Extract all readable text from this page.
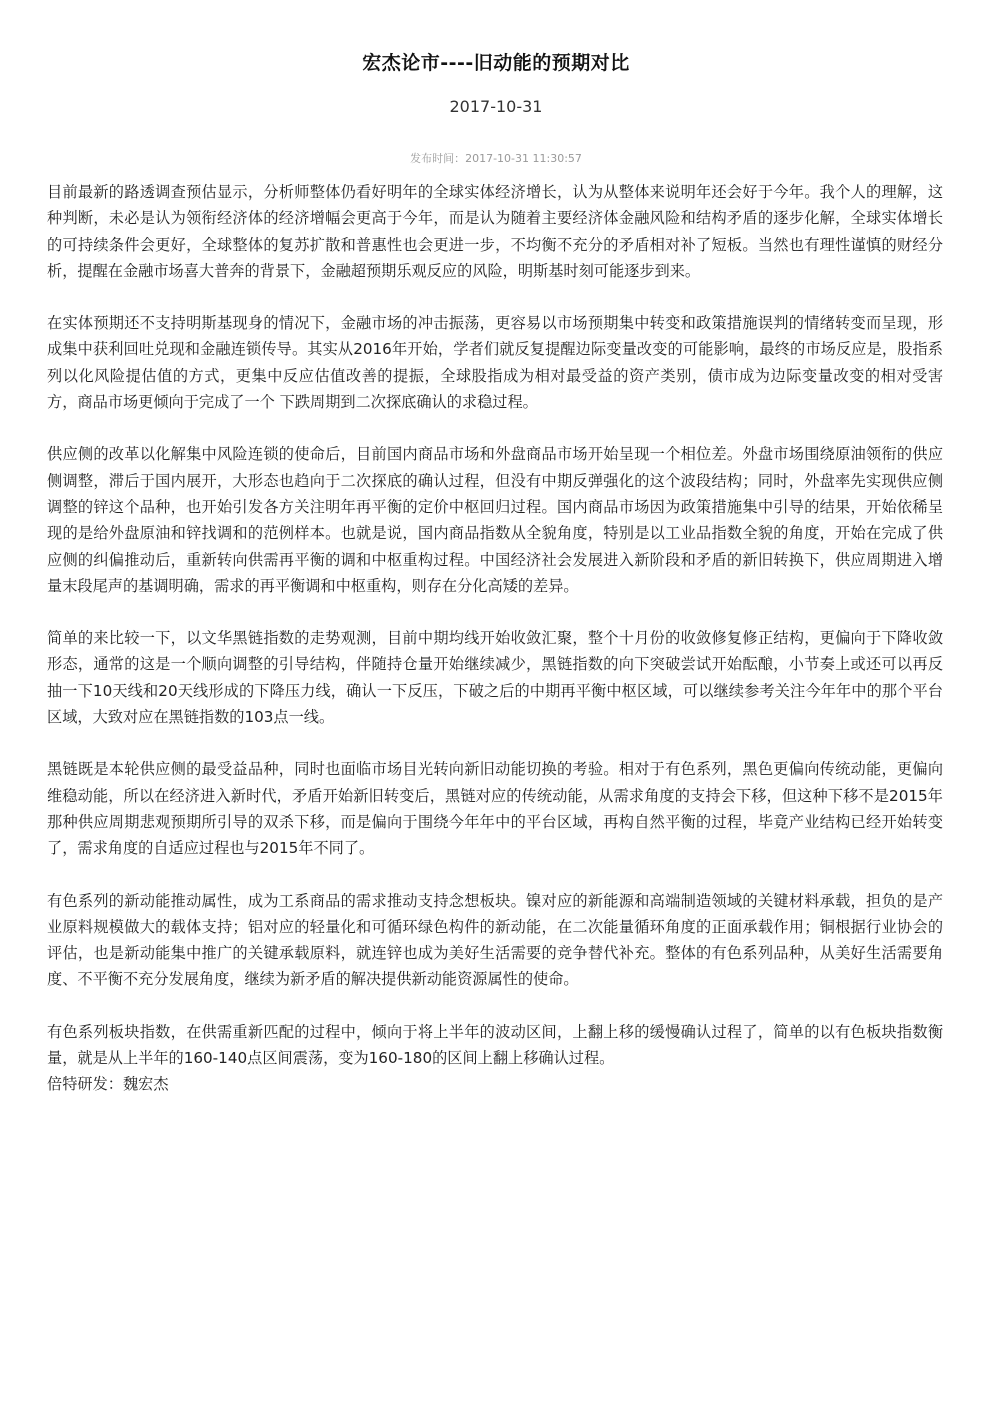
宏杰论市----旧动能的预期对比
2017-10-31
发布时间：2017-10-31 11:30:57

目前最新的路透调查预估显示，分析师整体仍看好明年的全球实体经济增长，认为从整体来说明年还会好于今年。我个人的理解，这种判断，未必是认为领衔经济体的经济增幅会更高于今年，而是认为随着主要经济体金融风险和结构矛盾的逐步化解，全球实体增长的可持续条件会更好，全球整体的复苏扩散和普惠性也会更进一步，不均衡不充分的矛盾相对补了短板。当然也有理性谨慎的财经分析，提醒在金融市场喜大普奔的背景下，金融超预期乐观反应的风险，明斯基时刻可能逐步到来。

在实体预期还不支持明斯基现身的情况下，金融市场的冲击振荡，更容易以市场预期集中转变和政策措施误判的情绪转变而呈现，形成集中获利回吐兑现和金融连锁传导。其实从2016年开始，学者们就反复提醒边际变量改变的可能影响，最终的市场反应是，股指系列以化风险提估值的方式，更集中反应估值改善的提振，全球股指成为相对最受益的资产类别，债市成为边际变量改变的相对受害方，商品市场更倾向于完成了一个 下跌周期到二次探底确认的求稳过程。

供应侧的改革以化解集中风险连锁的使命后，目前国内商品市场和外盘商品市场开始呈现一个相位差。外盘市场围绕原油领衔的供应侧调整，滞后于国内展开，大形态也趋向于二次探底的确认过程，但没有中期反弹强化的这个波段结构；同时，外盘率先实现供应侧调整的锌这个品种，也开始引发各方关注明年再平衡的定价中枢回归过程。国内商品市场因为政策措施集中引导的结果，开始依稀呈现的是给外盘原油和锌找调和的范例样本。也就是说，国内商品指数从全貌角度，特别是以工业品指数全貌的角度，开始在完成了供应侧的纠偏推动后，重新转向供需再平衡的调和中枢重构过程。中国经济社会发展进入新阶段和矛盾的新旧转换下，供应周期进入增量末段尾声的基调明确，需求的再平衡调和中枢重构，则存在分化高矮的差异。

简单的来比较一下，以文华黑链指数的走势观测，目前中期均线开始收敛汇聚，整个十月份的收敛修复修正结构，更偏向于下降收敛形态，通常的这是一个顺向调整的引导结构，伴随持仓量开始继续减少，黑链指数的向下突破尝试开始酝酿，小节奏上或还可以再反抽一下10天线和20天线形成的下降压力线，确认一下反压，下破之后的中期再平衡中枢区域，可以继续参考关注今年年中的那个平台区域，大致对应在黑链指数的103点一线。

黑链既是本轮供应侧的最受益品种，同时也面临市场目光转向新旧动能切换的考验。相对于有色系列，黑色更偏向传统动能，更偏向维稳动能，所以在经济进入新时代，矛盾开始新旧转变后，黑链对应的传统动能，从需求角度的支持会下移，但这种下移不是2015年那种供应周期悲观预期所引导的双杀下移，而是偏向于围绕今年年中的平台区域，再构自然平衡的过程，毕竟产业结构已经开始转变了，需求角度的自适应过程也与2015年不同了。

有色系列的新动能推动属性，成为工系商品的需求推动支持念想板块。镍对应的新能源和高端制造领域的关键材料承载，担负的是产业原料规模做大的载体支持；铝对应的轻量化和可循环绿色构件的新动能，在二次能量循环角度的正面承载作用；铜根据行业协会的评估，也是新动能集中推广的关键承载原料，就连锌也成为美好生活需要的竞争替代补充。整体的有色系列品种，从美好生活需要角度、不平衡不充分发展角度，继续为新矛盾的解决提供新动能资源属性的使命。

有色系列板块指数，在供需重新匹配的过程中，倾向于将上半年的波动区间，上翻上移的缓慢确认过程了，简单的以有色板块指数衡量，就是从上半年的160-140点区间震荡，变为160-180的区间上翻上移确认过程。

倍特研发：魏宏杰
